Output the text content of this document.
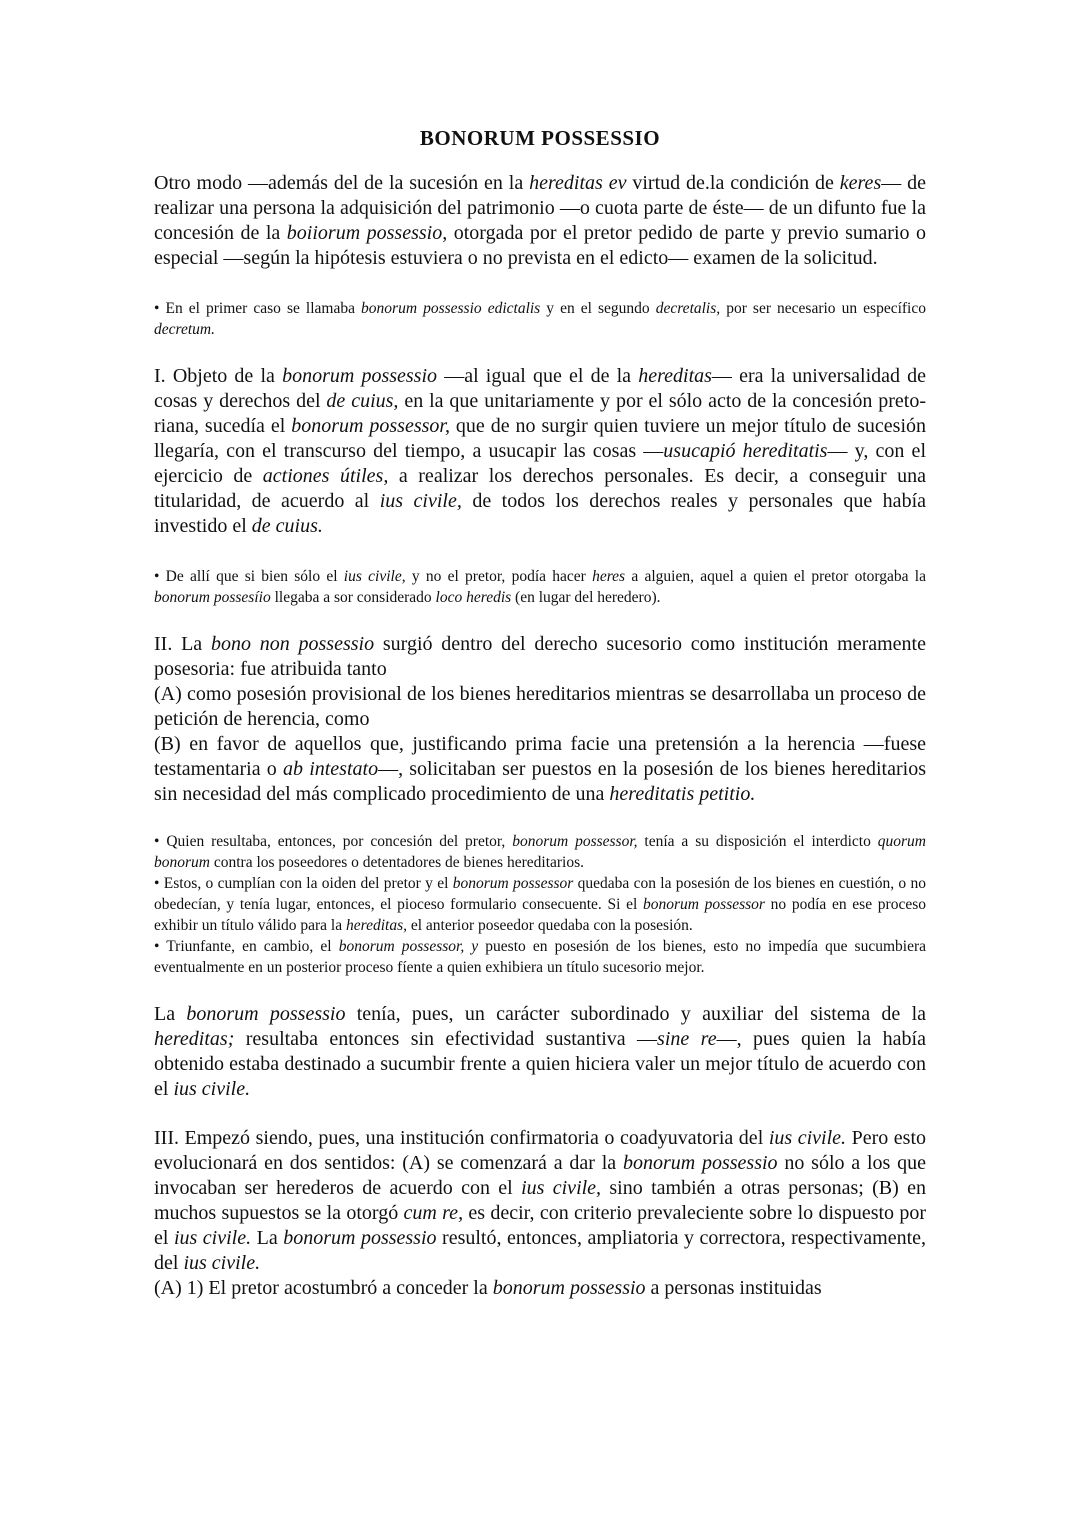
BONORUM POSSESSIO

Otro modo —además del de la sucesión en la hereditas ev virtud de.la condición de keres— de realizar una persona la adquisición del patrimonio —o cuota parte de éste— de un difunto fue la concesión de la boiiorum possessio, otorgada por el pretor pedido de parte y previo sumario o especial —según la hipótesis estuviera o no prevista en el edicto— examen de la solicitud.

• En el primer caso se llamaba bonorum possessio edictalis y en el segundo decretalis, por ser necesario un específico decretum.

I. Objeto de la bonorum possessio —al igual que el de la hereditas— era la universalidad de cosas y derechos del de cuius, en la que unitariamente y por el sólo acto de la concesión preto-riana, sucedía el bonorum possessor, que de no surgir quien tuviere un mejor título de sucesión llegaría, con el transcurso del tiempo, a usucapir las cosas —usucapió hereditatis— y, con el ejercicio de actiones útiles, a realizar los derechos personales. Es decir, a conseguir una titularidad, de acuerdo al ius civile, de todos los derechos reales y personales que había investido el de cuius.

• De allí que si bien sólo el ius civile, y no el pretor, podía hacer heres a alguien, aquel a quien el pretor otorgaba la bonorum possesíio llegaba a sor considerado loco heredis (en lugar del heredero).

II. La bono non possessio surgió dentro del derecho sucesorio como institución meramente posesoria: fue atribuida tanto

(A) como posesión provisional de los bienes hereditarios mientras se desarrollaba un proceso de petición de herencia, como

(B) en favor de aquellos que, justificando prima facie una pretensión a la herencia —fuese testamentaria o ab intestato—, solicitaban ser puestos en la posesión de los bienes hereditarios sin necesidad del más complicado procedimiento de una hereditatis petitio.

• Quien resultaba, entonces, por concesión del pretor, bonorum possessor, tenía a su disposición el interdicto quorum bonorum contra los poseedores o detentadores de bienes hereditarios.

• Estos, o cumplían con la oiden del pretor y el bonorum possessor quedaba con la posesión de los bienes en cuestión, o no obedecían, y tenía lugar, entonces, el pioceso formulario consecuente. Si el bonorum possessor no podía en ese proceso exhibir un título válido para la hereditas, el anterior poseedor quedaba con la posesión.

• Triunfante, en cambio, el bonorum possessor, y puesto en posesión de los bienes, esto no impedía que sucumbiera eventualmente en un posterior proceso fíente a quien exhibiera un título sucesorio mejor.

La bonorum possessio tenía, pues, un carácter subordinado y auxiliar del sistema de la hereditas; resultaba entonces sin efectividad sustantiva —sine re—, pues quien la había obtenido estaba destinado a sucumbir frente a quien hiciera valer un mejor título de acuerdo con el ius civile.

III. Empezó siendo, pues, una institución confirmatoria o coadyuvatoria del ius civile. Pero esto evolucionará en dos sentidos: (A) se comenzará a dar la bonorum possessio no sólo a los que invocaban ser herederos de acuerdo con el ius civile, sino también a otras personas; (B) en muchos supuestos se la otorgó cum re, es decir, con criterio prevaleciente sobre lo dispuesto por el ius civile. La bonorum possessio resultó, entonces, ampliatoria y correctora, respectivamente, del ius civile.

(A) 1) El pretor acostumbró a conceder la bonorum possessio a personas instituidas
